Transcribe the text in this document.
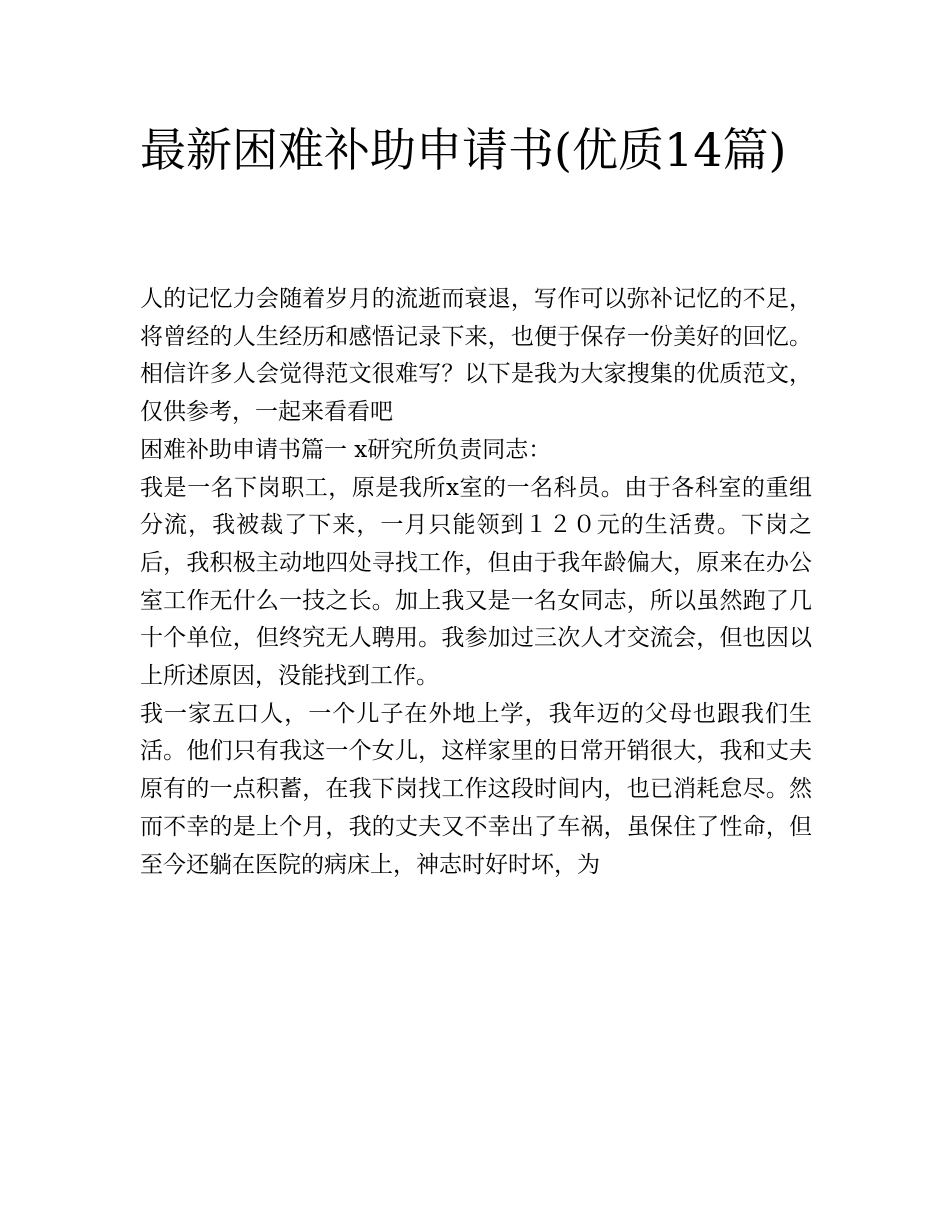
最新困难补助申请书(优质14篇)

人的记忆力会随着岁月的流逝而衰退，写作可以弥补记忆的不足，将曾经的人生经历和感悟记录下来，也便于保存一份美好的回忆。相信许多人会觉得范文很难写？以下是我为大家搜集的优质范文，仅供参考，一起来看看吧

困难补助申请书篇一 x研究所负责同志：

我是一名下岗职工，原是我所x室的一名科员。由于各科室的重组分流，我被裁了下来，一月只能领到１２０元的生活费。下岗之后，我积极主动地四处寻找工作，但由于我年龄偏大，原来在办公室工作无什么一技之长。加上我又是一名女同志，所以虽然跑了几十个单位，但终究无人聘用。我参加过三次人才交流会，但也因以上所述原因，没能找到工作。

我一家五口人，一个儿子在外地上学，我年迈的父母也跟我们生活。他们只有我这一个女儿，这样家里的日常开销很大，我和丈夫原有的一点积蓄，在我下岗找工作这段时间内，也已消耗怠尽。然而不幸的是上个月，我的丈夫又不幸出了车祸，虽保住了性命，但至今还躺在医院的病床上，神志时好时坏，为
